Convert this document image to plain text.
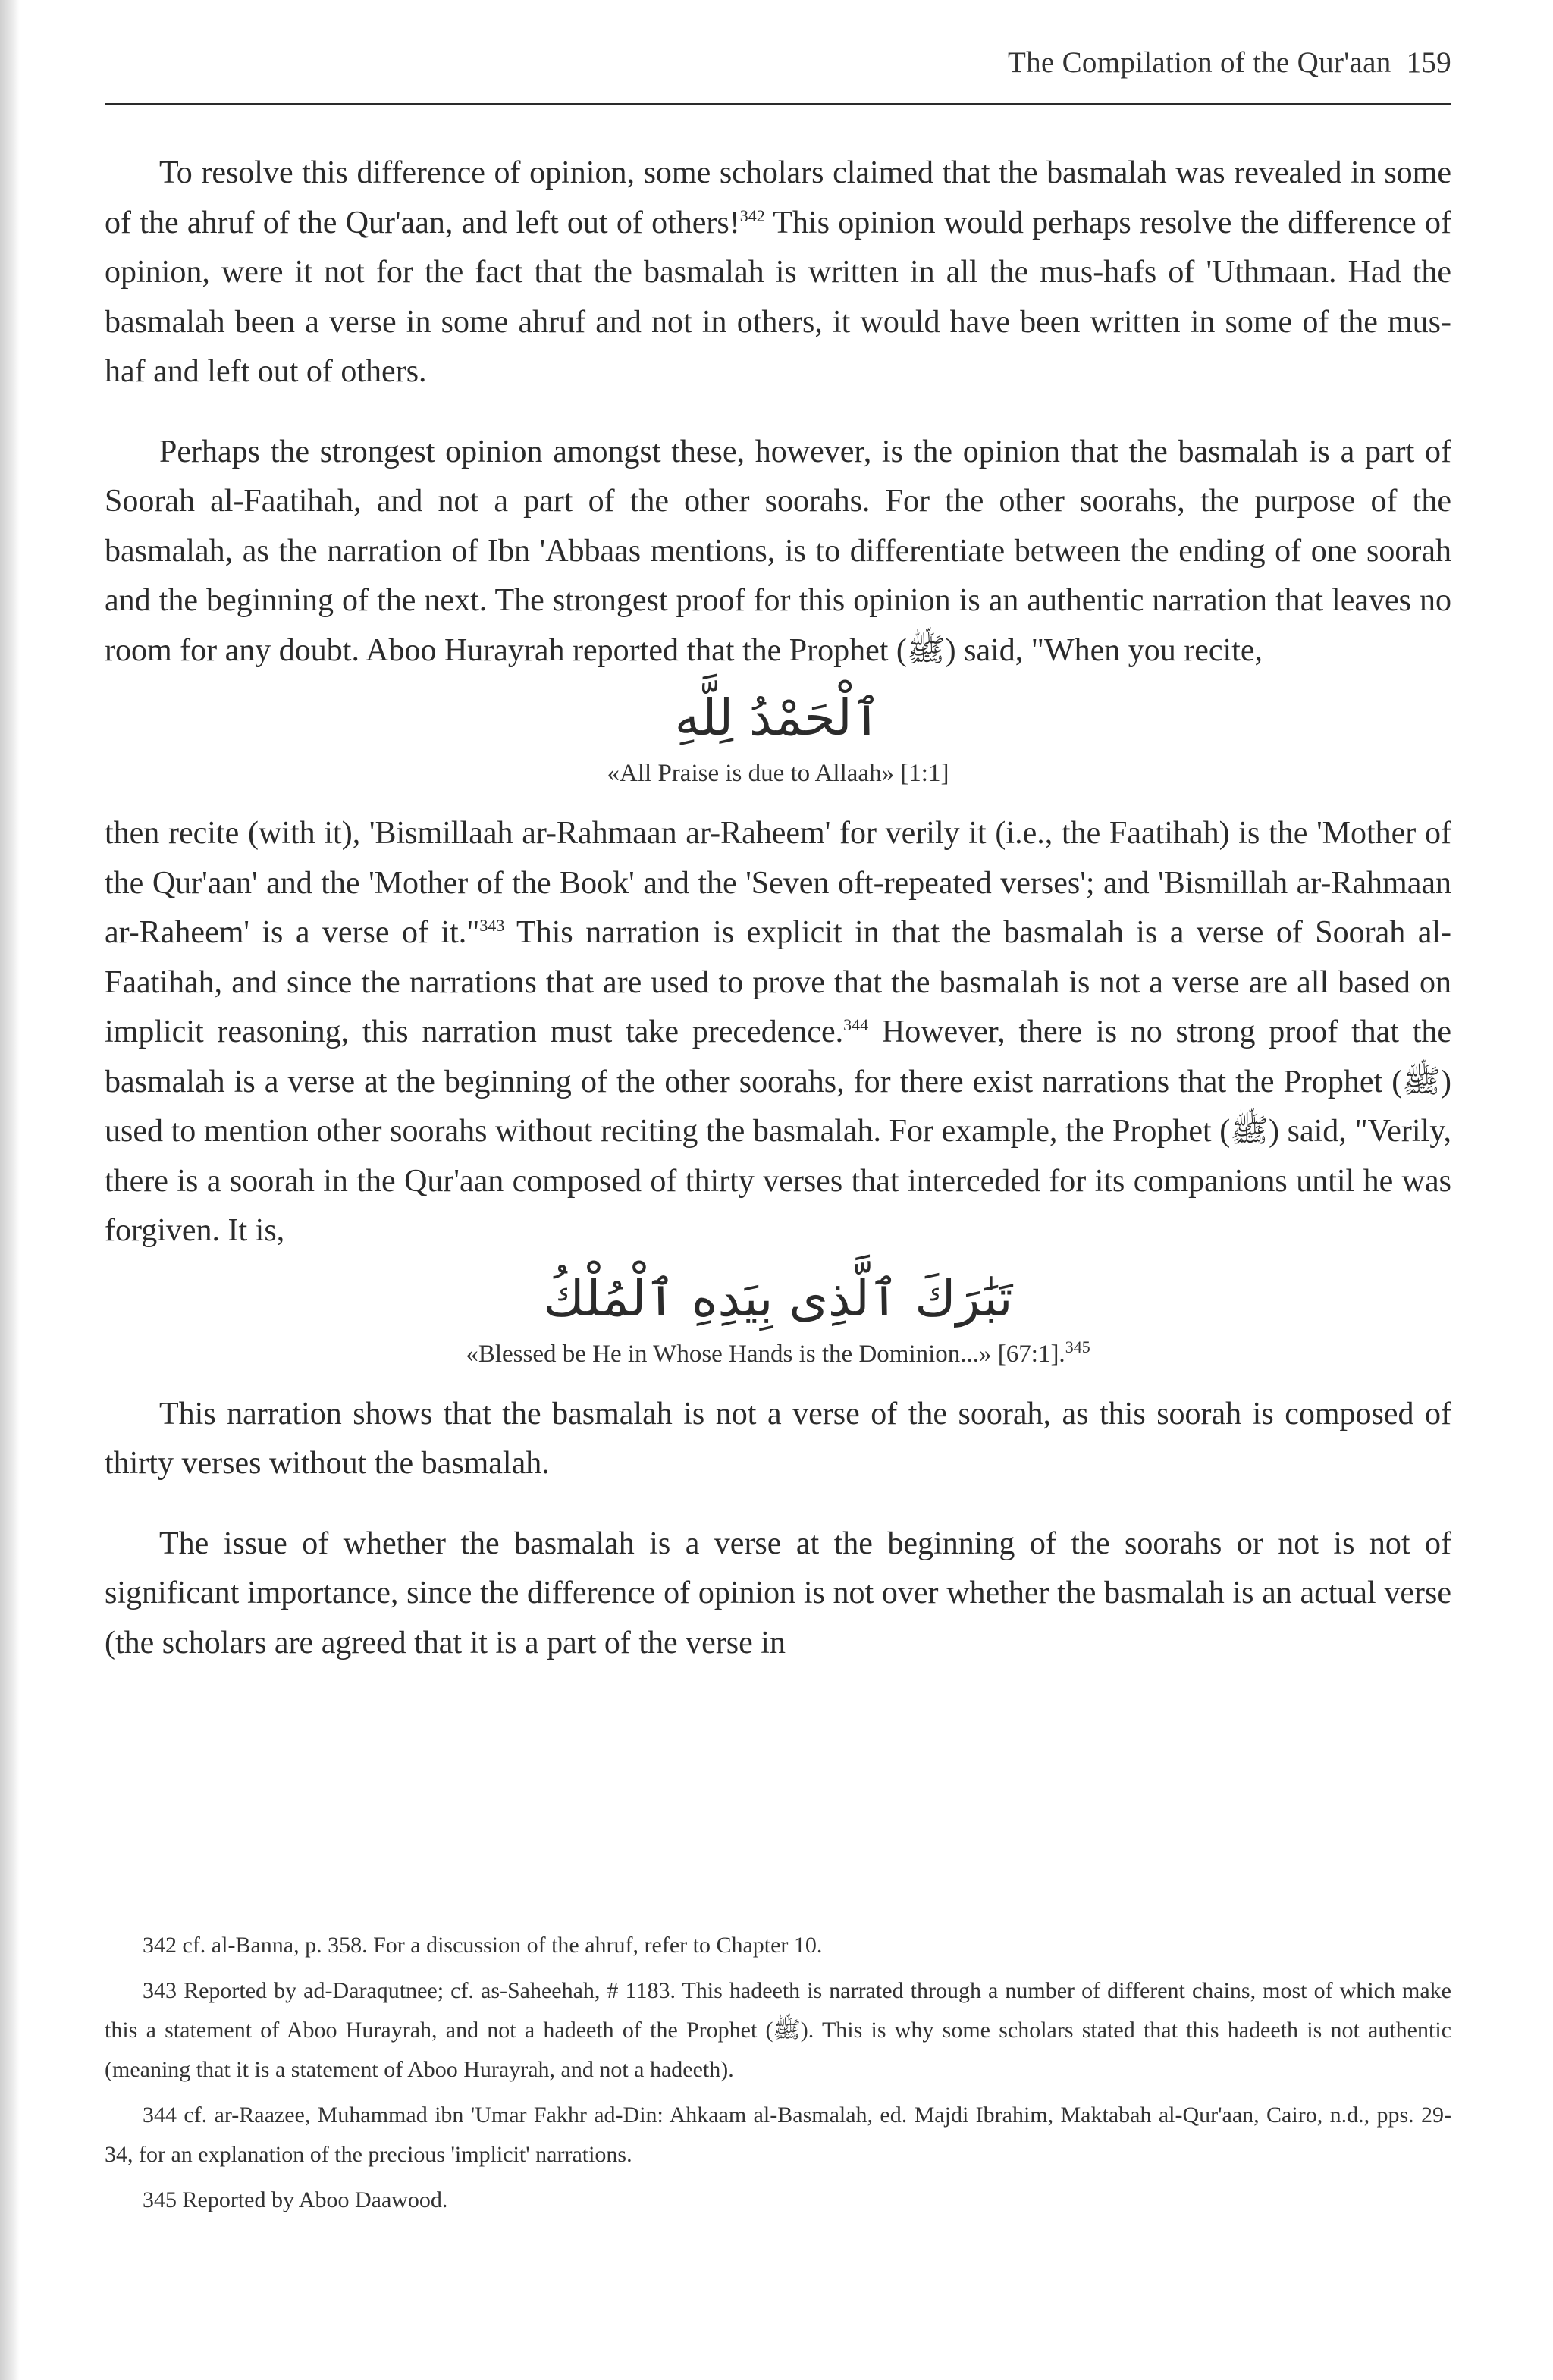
The Compilation of the Qur'aan 159

To resolve this difference of opinion, some scholars claimed that the basmalah was revealed in some of the ahruf of the Qur'aan, and left out of others!$^{342}$ This opinion would perhaps resolve the difference of opinion, were it not for the fact that the basmalah is written in all the mus-hafs of 'Uthmaan. Had the basmalah been a verse in some ahruf and not in others, it would have been written in some of the mus-haf and left out of others.

Perhaps the strongest opinion amongst these, however, is the opinion that the basmalah is a part of Soorah al-Faatihah, and not a part of the other soorahs. For the other soorahs, the purpose of the basmalah, as the narration of Ibn 'Abbaas mentions, is to differentiate between the ending of one soorah and the beginning of the next. The strongest proof for this opinion is an authentic narration that leaves no room for any doubt. Aboo Hurayrah reported that the Prophet (ﷺ) said, "When you recite,

ٱلْحَمْدُ لِلَّهِ
«All Praise is due to Allaah» [1:1]

then recite (with it), 'Bismillaah ar-Rahmaan ar-Raheem' for verily it (i.e., the Faatihah) is the 'Mother of the Qur'aan' and the 'Mother of the Book' and the 'Seven oft-repeated verses'; and 'Bismillah ar-Rahmaan ar-Raheem' is a verse of it."$^{343}$ This narration is explicit in that the basmalah is a verse of Soorah al-Faatihah, and since the narrations that are used to prove that the basmalah is not a verse are all based on implicit reasoning, this narration must take precedence.$^{344}$ However, there is no strong proof that the basmalah is a verse at the beginning of the other soorahs, for there exist narrations that the Prophet (ﷺ) used to mention other soorahs without reciting the basmalah. For example, the Prophet (ﷺ) said, "Verily, there is a soorah in the Qur'aan composed of thirty verses that interceded for its companions until he was forgiven. It is,

تَبَٰرَكَ ٱلَّذِى بِيَدِهِ ٱلْمُلْكُ
«Blessed be He in Whose Hands is the Dominion...» [67:1].$^{345}$

This narration shows that the basmalah is not a verse of the soorah, as this soorah is composed of thirty verses without the basmalah.

The issue of whether the basmalah is a verse at the beginning of the soorahs or not is not of significant importance, since the difference of opinion is not over whether the basmalah is an actual verse (the scholars are agreed that it is a part of the verse in

342 cf. al-Banna, p. 358. For a discussion of the ahruf, refer to Chapter 10.

343 Reported by ad-Daraqutnee; cf. as-Saheehah, # 1183. This hadeeth is narrated through a number of different chains, most of which make this a statement of Aboo Hurayrah, and not a hadeeth of the Prophet (ﷺ). This is why some scholars stated that this hadeeth is not authentic (meaning that it is a statement of Aboo Hurayrah, and not a hadeeth).

344 cf. ar-Raazee, Muhammad ibn 'Umar Fakhr ad-Din: Ahkaam al-Basmalah, ed. Majdi Ibrahim, Maktabah al-Qur'aan, Cairo, n.d., pps. 29-34, for an explanation of the precious 'implicit' narrations.

345 Reported by Aboo Daawood.
